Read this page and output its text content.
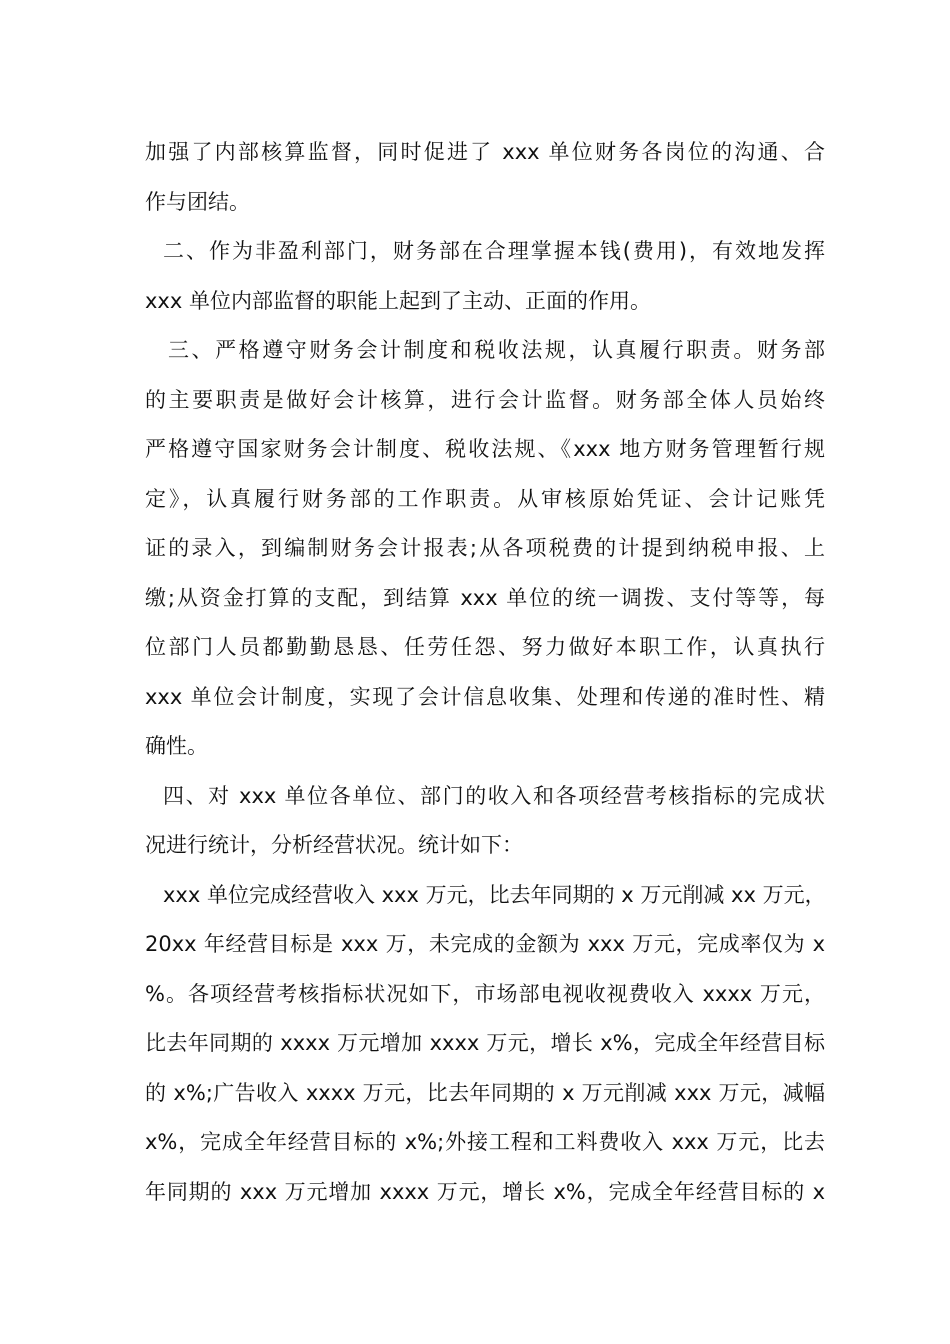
加强了内部核算监督，同时促进了 xxx 单位财务各岗位的沟通、合
作与团结。
二、作为非盈利部门，财务部在合理掌握本钱(费用)，有效地发挥
xxx 单位内部监督的职能上起到了主动、正面的作用。
三、严格遵守财务会计制度和税收法规，认真履行职责。财务部
的主要职责是做好会计核算，进行会计监督。财务部全体人员始终
严格遵守国家财务会计制度、税收法规、《xxx 地方财务管理暂行规
定》，认真履行财务部的工作职责。从审核原始凭证、会计记账凭
证的录入，到编制财务会计报表;从各项税费的计提到纳税申报、上
缴;从资金打算的支配，到结算 xxx 单位的统一调拨、支付等等，每
位部门人员都勤勤恳恳、任劳任怨、努力做好本职工作，认真执行
xxx 单位会计制度，实现了会计信息收集、处理和传递的准时性、精
确性。
四、对 xxx 单位各单位、部门的收入和各项经营考核指标的完成状
况进行统计，分析经营状况。统计如下：
xxx 单位完成经营收入 xxx 万元，比去年同期的 x 万元削减 xx 万元，
20xx 年经营目标是 xxx 万，未完成的金额为 xxx 万元，完成率仅为 x
%。各项经营考核指标状况如下，市场部电视收视费收入 xxxx 万元，
比去年同期的 xxxx 万元增加 xxxx 万元，增长 x%，完成全年经营目标
的 x%;广告收入 xxxx 万元，比去年同期的 x 万元削减 xxx 万元，减幅
x%，完成全年经营目标的 x%;外接工程和工料费收入 xxx 万元，比去
年同期的 xxx 万元增加 xxxx 万元，增长 x%，完成全年经营目标的 x
